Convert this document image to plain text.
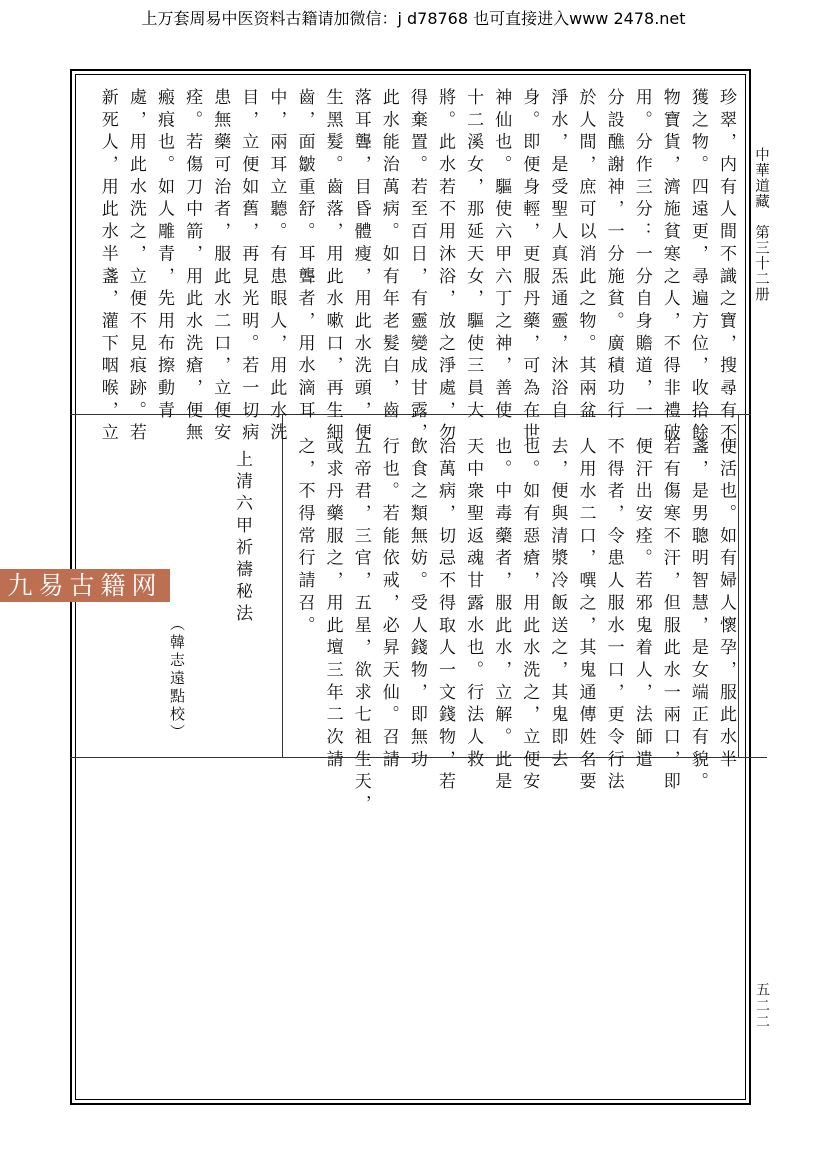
上万套周易中医资料古籍请加微信：j d78768 也可直接进入www 2478.net
中華道藏　第三十二册
五二二
珍翠，内有人間不識之寶，搜尋有不
獲之物。四遠更，尋遍方位，收拾餘
物寶貨，濟施貧寒之人，不得非禮破
用。分作三分：一分自身贍道，一
分設醮謝神，一分施貧。廣積功行
於人間，庶可以消此之物。其兩盆
淨水，是受聖人真炁通靈，沐浴自
身。即便身輕，更服丹藥，可為在世
神仙也。驅使六甲六丁之神，善使
十二溪女，那延天女，驅使三員大
將。此水若不用沐浴，放之淨處，勿
得棄置。若至百日，有靈變成甘露，
此水能治萬病。如有年老髮白，齒
落耳聾，目昏體瘦，用此水洗頭，便
生黑髮。齒落，用此水嗽口，再生細
齒，面皺重舒。耳聾者，用水滴耳
中，兩耳立聽。有患眼人，用此水洗
目，立便如舊，再見光明。若一切病
患無藥可治者，服此水二口，立便安
痊。若傷刀中箭，用此水洗瘡，便無
瘢痕也。如人雕青，先用布擦動青
處，用此水洗之，立便不見痕跡。若
新死人，用此水半盞，灌下咽喉，立
便活也。如有婦人懷孕，服此水半
盞，是男聰明智慧，是女端正有貌。
若有傷寒不汗，但服此水一兩口，即
便汗出安痊。若邪鬼着人，法師遣
不得者，令患人服水一口，更令行法
人用水二口，噀之，其鬼通傳姓名要
去，便與清漿冷飯送之，其鬼即去
也。如有惡瘡，用此水洗之，立便安
也。中毒藥者，服此水，立解。此是
天中衆聖返魂甘露水也。行法人救
治萬病，切忌不得取人一文錢物，若
飲食之類無妨。受人錢物，即無功
行也。若能依戒，必昇天仙。召請
五帝君，三官，五星，欲求七祖生天，
或求丹藥服之，用此壇三年二次請
之，不得常行請召。
上清六甲祈禱秘法
（韓志遠點校）
九易古籍网
